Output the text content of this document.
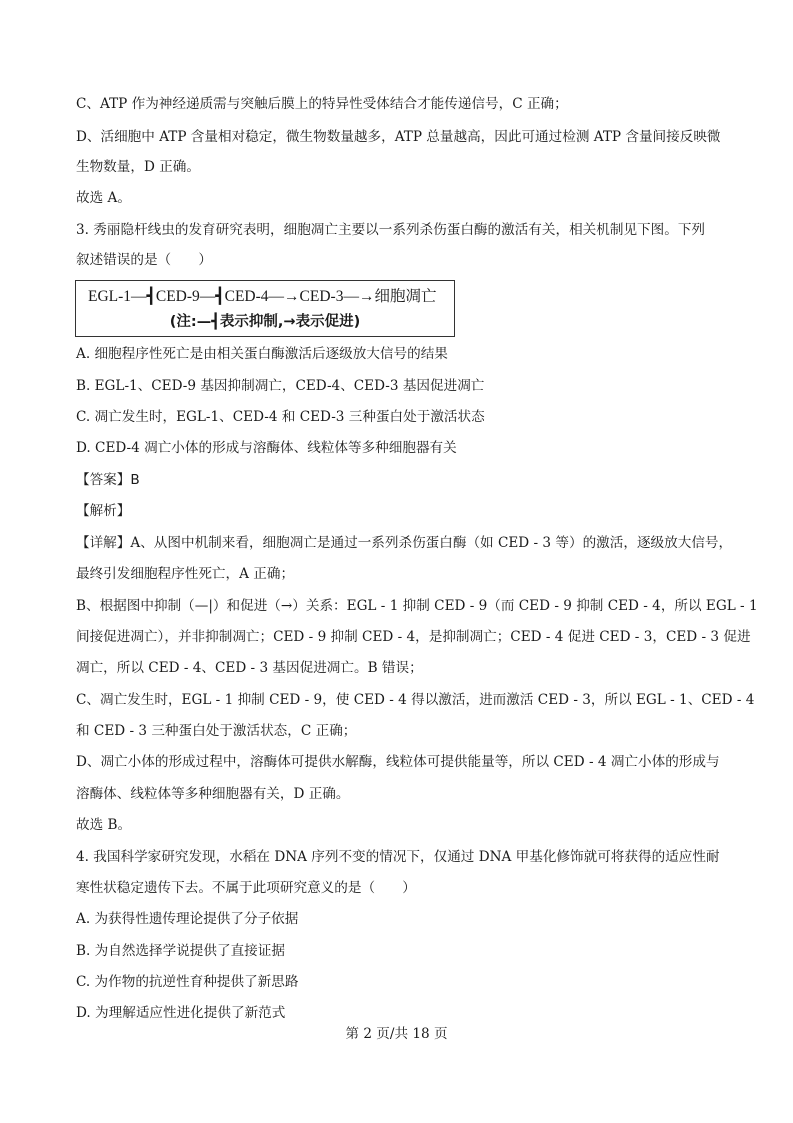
C、ATP 作为神经递质需与突触后膜上的特异性受体结合才能传递信号，C 正确；
D、活细胞中 ATP 含量相对稳定，微生物数量越多，ATP 总量越高，因此可通过检测 ATP 含量间接反映微
生物数量，D 正确。
故选 A。
3. 秀丽隐杆线虫的发育研究表明，细胞凋亡主要以一系列杀伤蛋白酶的激活有关，相关机制见下图。下列
叙述错误的是（　　）
EGL-1—┫CED-9—┫CED-4—→CED-3—→细胞凋亡
(注:—┫表示抑制,→表示促进)
A. 细胞程序性死亡是由相关蛋白酶激活后逐级放大信号的结果
B. EGL-1、CED-9 基因抑制凋亡，CED-4、CED-3 基因促进凋亡
C. 凋亡发生时，EGL-1、CED-4 和 CED-3 三种蛋白处于激活状态
D. CED-4 凋亡小体的形成与溶酶体、线粒体等多种细胞器有关
【答案】B
【解析】
【详解】A、从图中机制来看，细胞凋亡是通过一系列杀伤蛋白酶（如 CED - 3 等）的激活，逐级放大信号，
最终引发细胞程序性死亡，A 正确；
B、根据图中抑制（—|）和促进（→）关系：EGL - 1 抑制 CED - 9（而 CED - 9 抑制 CED - 4，所以 EGL - 1
间接促进凋亡），并非抑制凋亡；CED - 9 抑制 CED - 4，是抑制凋亡；CED - 4 促进 CED - 3，CED - 3 促进
凋亡，所以 CED - 4、CED - 3 基因促进凋亡。B 错误；
C、凋亡发生时，EGL - 1 抑制 CED - 9，使 CED - 4 得以激活，进而激活 CED - 3，所以 EGL - 1、CED - 4
和 CED - 3 三种蛋白处于激活状态，C 正确；
D、凋亡小体的形成过程中，溶酶体可提供水解酶，线粒体可提供能量等，所以 CED - 4 凋亡小体的形成与
溶酶体、线粒体等多种细胞器有关，D 正确。
故选 B。
4. 我国科学家研究发现，水稻在 DNA 序列不变的情况下，仅通过 DNA 甲基化修饰就可将获得的适应性耐
寒性状稳定遗传下去。不属于此项研究意义的是（　　）
A. 为获得性遗传理论提供了分子依据
B. 为自然选择学说提供了直接证据
C. 为作物的抗逆性育种提供了新思路
D. 为理解适应性进化提供了新范式
第 2 页/共 18 页
